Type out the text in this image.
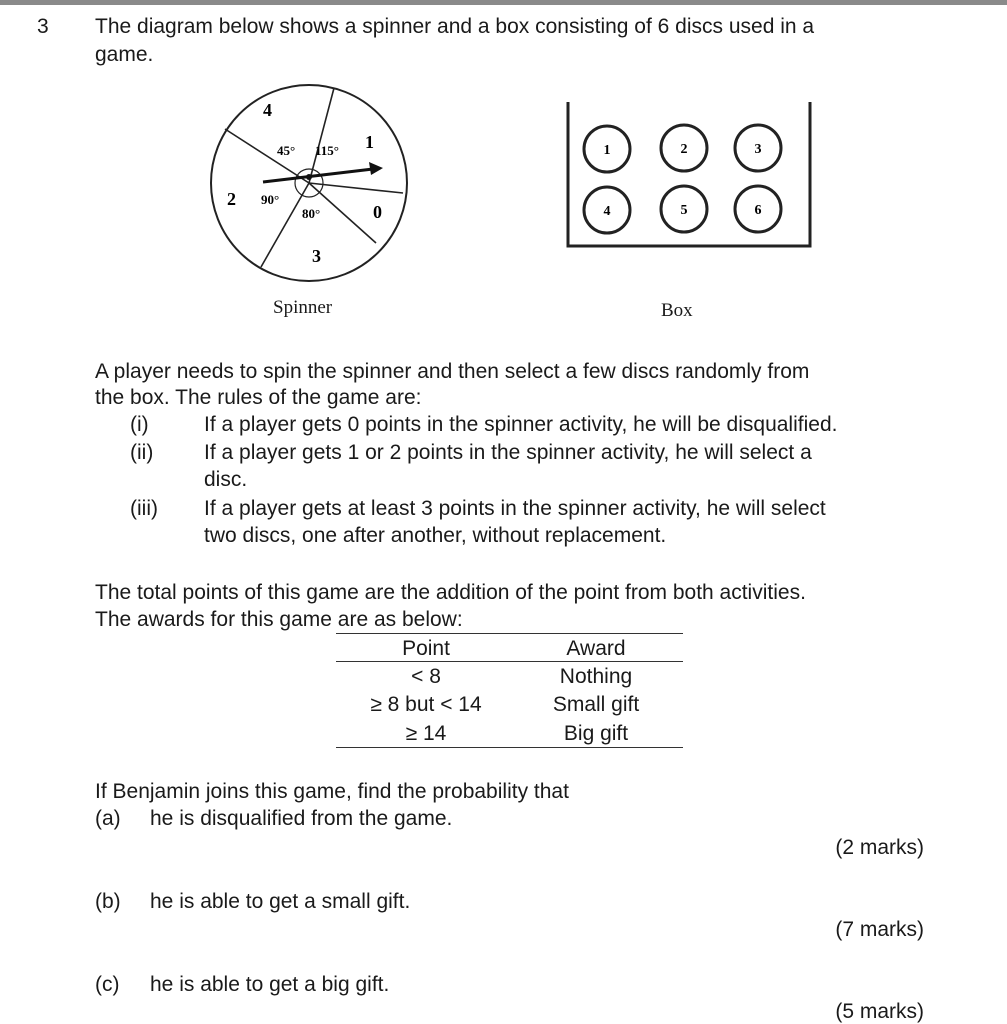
3 The diagram below shows a spinner and a box consisting of 6 discs used in a
game.
45° 115°
90°
80°
4
1
2
0
3
Spinner
1	2	3
4	5	6
Box
A player needs to spin the spinner and then select a few discs randomly from
the box. The rules of the game are:
(i)	If a player gets 0 points in the spinner activity, he will be disqualified.
(ii) If a player gets 1 or 2 points in the spinner activity, he will select a
disc.
(iii) If a player gets at least 3 points in the spinner activity, he will select
two discs, one after another, without replacement.
The total points of this game are the addition of the point from both activities.
The awards for this game are as below:
Point	Award
< 8	Nothing
≥ 8 but < 14	Small gift
≥ 14	Big gift
If Benjamin joins this game, find the probability that
(a) he is disqualified from the game.
(2 marks)
(b) he is able to get a small gift.
(7 marks)
(c) he is able to get a big gift.
(5 marks)
